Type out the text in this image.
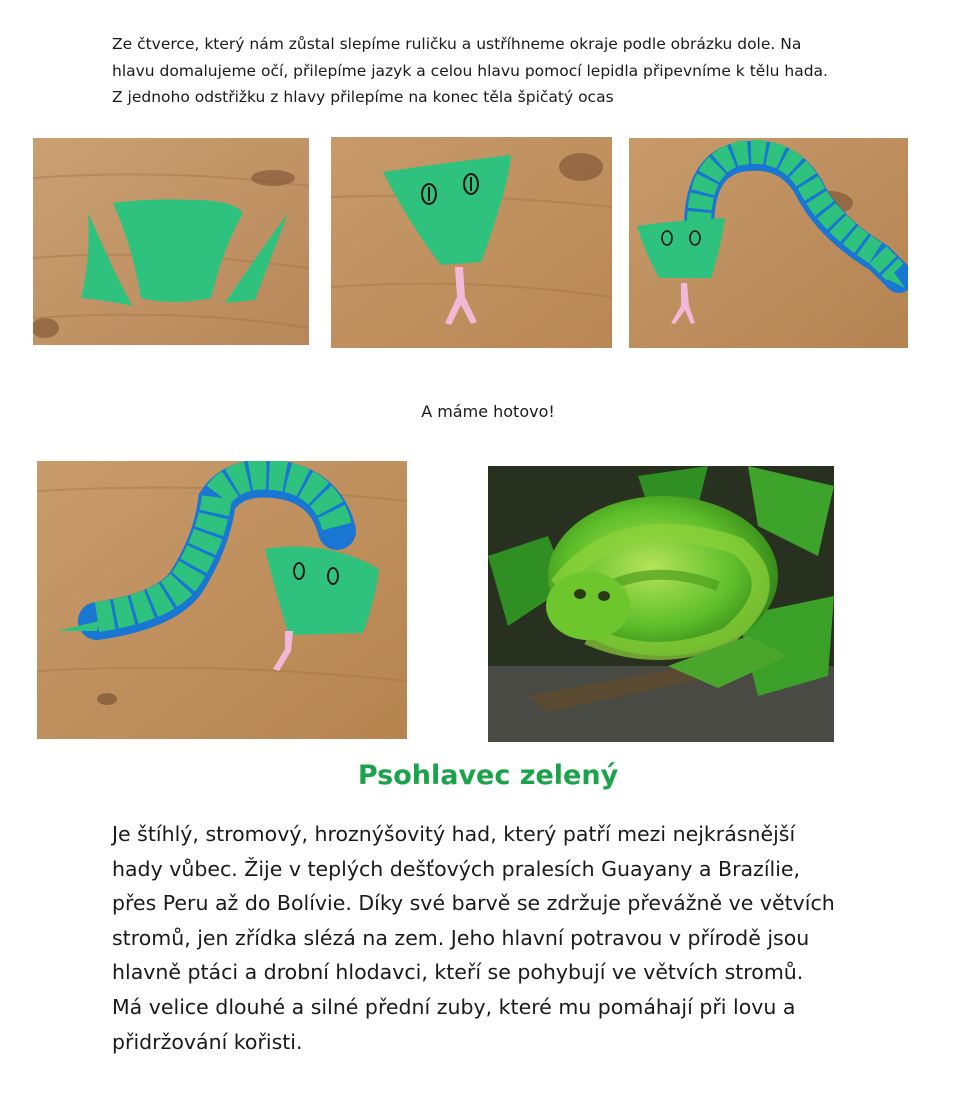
Ze čtverce, který nám zůstal slepíme ruličku a ustříhneme okraje podle obrázku dole. Na

hlavu domalujeme očí, přilepíme jazyk a celou hlavu pomocí lepidla připevníme k tělu hada.

Z jednoho odstřižku z hlavy přilepíme na konec těla špičatý ocas

A máme hotovo!
Psohlavec zelený

Je štíhlý, stromový, hroznýšovitý had, který patří mezi nejkrásnější

hady vůbec. Žije v teplých dešťových pralesích Guayany a Brazílie,

přes Peru až do Bolívie. Díky své barvě se zdržuje převážně ve větvích

stromů, jen zřídka slézá na zem. Jeho hlavní potravou v přírodě jsou

hlavně ptáci a drobní hlodavci, kteří se pohybují ve větvích stromů.

Má velice dlouhé a silné přední zuby, které mu pomáhají při lovu a

přidržování kořisti.
